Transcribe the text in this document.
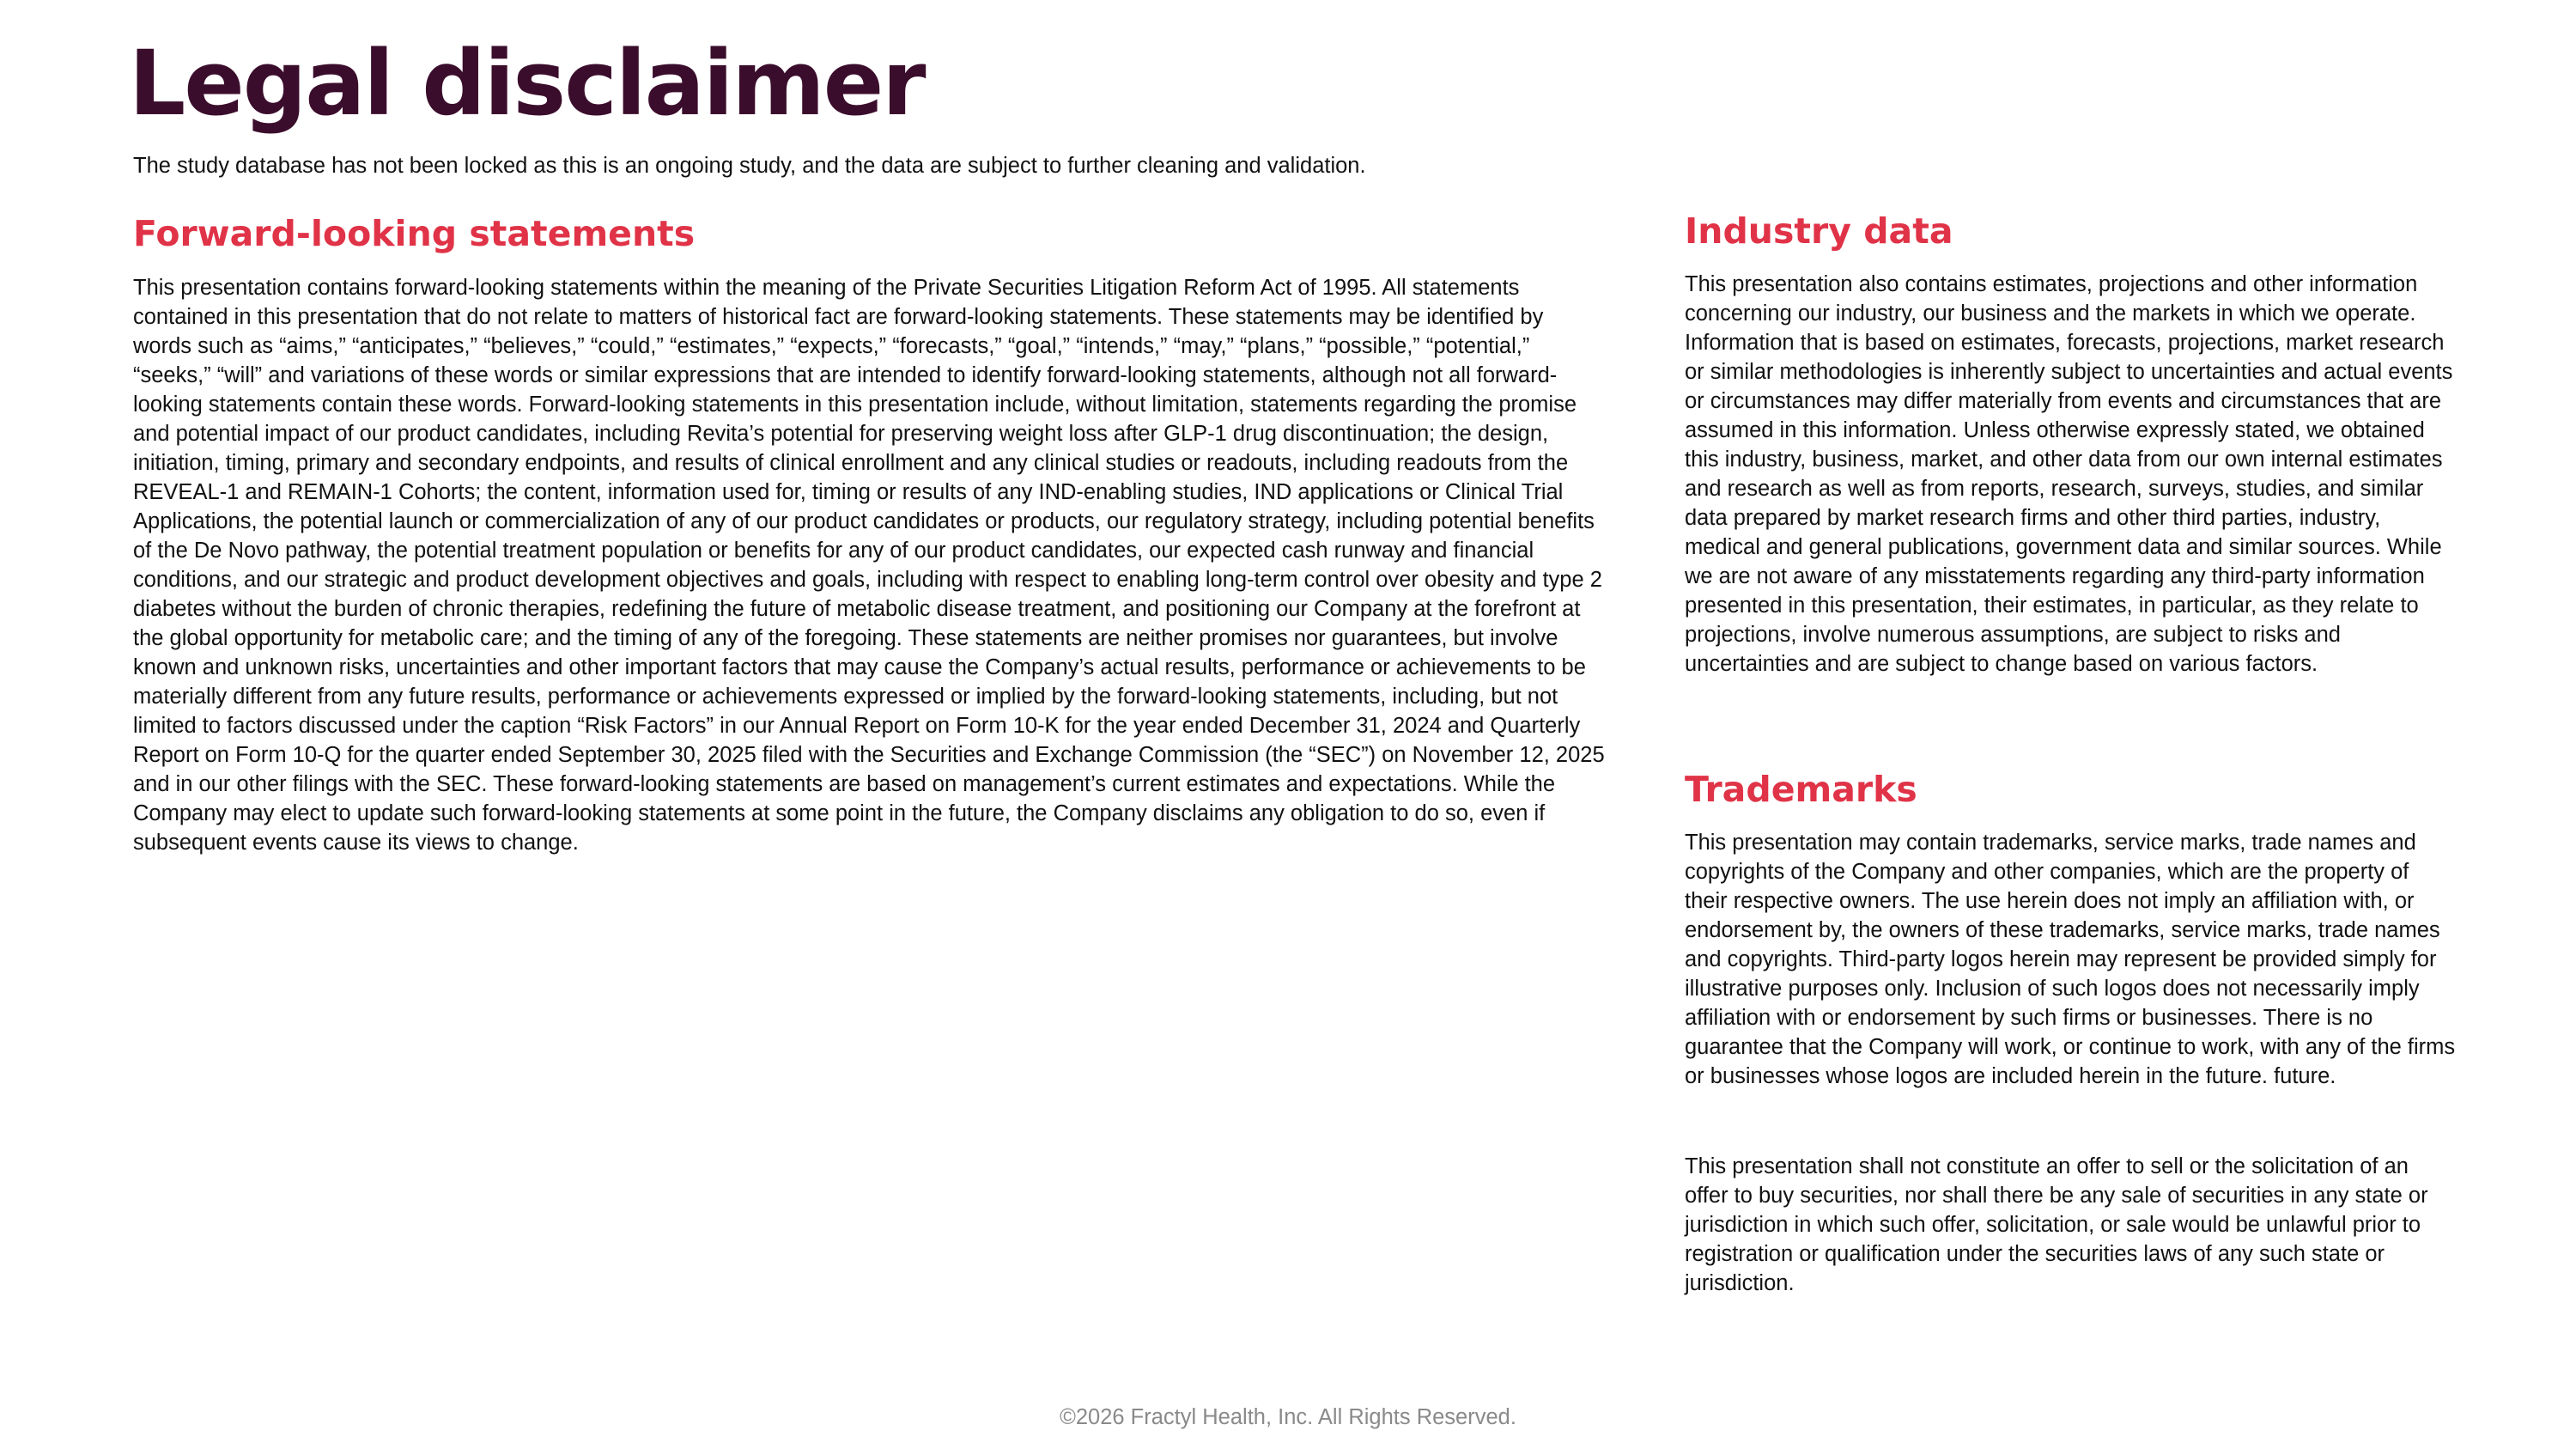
Legal disclaimer

The study database has not been locked as this is an ongoing study, and the data are subject to further cleaning and validation.

Forward-looking statements

This presentation contains forward-looking statements within the meaning of the Private Securities Litigation Reform Act of 1995. All statements contained in this presentation that do not relate to matters of historical fact are forward-looking statements. These statements may be identified by words such as “aims,” “anticipates,” “believes,” “could,” “estimates,” “expects,” “forecasts,” “goal,” “intends,” “may,” “plans,” “possible,” “potential,” “seeks,” “will” and variations of these words or similar expressions that are intended to identify forward-looking statements, although not all forward-looking statements contain these words. Forward-looking statements in this presentation include, without limitation, statements regarding the promise and potential impact of our product candidates, including Revita’s potential for preserving weight loss after GLP-1 drug discontinuation; the design, initiation, timing, primary and secondary endpoints, and results of clinical enrollment and any clinical studies or readouts, including readouts from the REVEAL-1 and REMAIN-1 Cohorts; the content, information used for, timing or results of any IND-enabling studies, IND applications or Clinical Trial Applications, the potential launch or commercialization of any of our product candidates or products, our regulatory strategy, including potential benefits of the De Novo pathway, the potential treatment population or benefits for any of our product candidates, our expected cash runway and financial conditions, and our strategic and product development objectives and goals, including with respect to enabling long-term control over obesity and type 2 diabetes without the burden of chronic therapies, redefining the future of metabolic disease treatment, and positioning our Company at the forefront at the global opportunity for metabolic care; and the timing of any of the foregoing. These statements are neither promises nor guarantees, but involve known and unknown risks, uncertainties and other important factors that may cause the Company’s actual results, performance or achievements to be materially different from any future results, performance or achievements expressed or implied by the forward-looking statements, including, but not limited to factors discussed under the caption “Risk Factors” in our Annual Report on Form 10-K for the year ended December 31, 2024 and Quarterly Report on Form 10-Q for the quarter ended September 30, 2025 filed with the Securities and Exchange Commission (the “SEC”) on November 12, 2025 and in our other filings with the SEC. These forward-looking statements are based on management’s current estimates and expectations. While the Company may elect to update such forward-looking statements at some point in the future, the Company disclaims any obligation to do so, even if subsequent events cause its views to change.

Industry data

This presentation also contains estimates, projections and other information concerning our industry, our business and the markets in which we operate. Information that is based on estimates, forecasts, projections, market research or similar methodologies is inherently subject to uncertainties and actual events or circumstances may differ materially from events and circumstances that are assumed in this information. Unless otherwise expressly stated, we obtained this industry, business, market, and other data from our own internal estimates and research as well as from reports, research, surveys, studies, and similar data prepared by market research firms and other third parties, industry, medical and general publications, government data and similar sources. While we are not aware of any misstatements regarding any third-party information presented in this presentation, their estimates, in particular, as they relate to projections, involve numerous assumptions, are subject to risks and uncertainties and are subject to change based on various factors.

Trademarks

This presentation may contain trademarks, service marks, trade names and copyrights of the Company and other companies, which are the property of their respective owners. The use herein does not imply an affiliation with, or endorsement by, the owners of these trademarks, service marks, trade names and copyrights. Third-party logos herein may represent be provided simply for illustrative purposes only. Inclusion of such logos does not necessarily imply affiliation with or endorsement by such firms or businesses. There is no guarantee that the Company will work, or continue to work, with any of the firms or businesses whose logos are included herein in the future. future.

This presentation shall not constitute an offer to sell or the solicitation of an offer to buy securities, nor shall there be any sale of securities in any state or jurisdiction in which such offer, solicitation, or sale would be unlawful prior to registration or qualification under the securities laws of any such state or jurisdiction.

©2026 Fractyl Health, Inc. All Rights Reserved.
